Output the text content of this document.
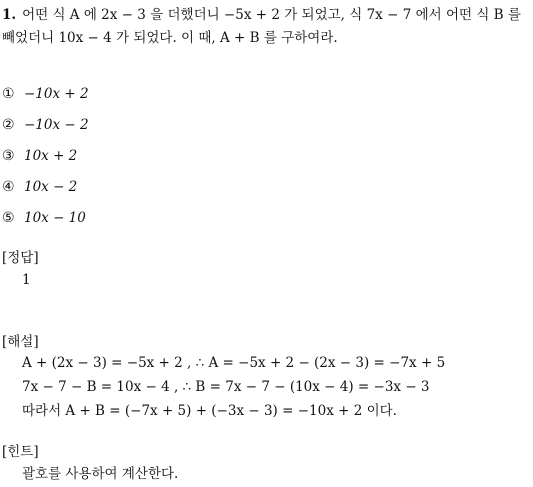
1. 어떤 식 A 에 2x − 3 을 더했더니 −5x + 2 가 되었고, 식 7x − 7 에서 어떤 식 B 를 빼었더니 10x − 4 가 되었다. 이 때, A + B 를 구하여라.
① −10x + 2
② −10x − 2
③ 10x + 2
④ 10x − 2
⑤ 10x − 10
[정답]
1
[해설]
A + (2x − 3) = −5x + 2 , ∴ A = −5x + 2 − (2x − 3) = −7x + 5
7x − 7 − B = 10x − 4 , ∴ B = 7x − 7 − (10x − 4) = −3x − 3
따라서 A + B = (−7x + 5) + (−3x − 3) = −10x + 2 이다.
[힌트]
괄호를 사용하여 계산한다.
